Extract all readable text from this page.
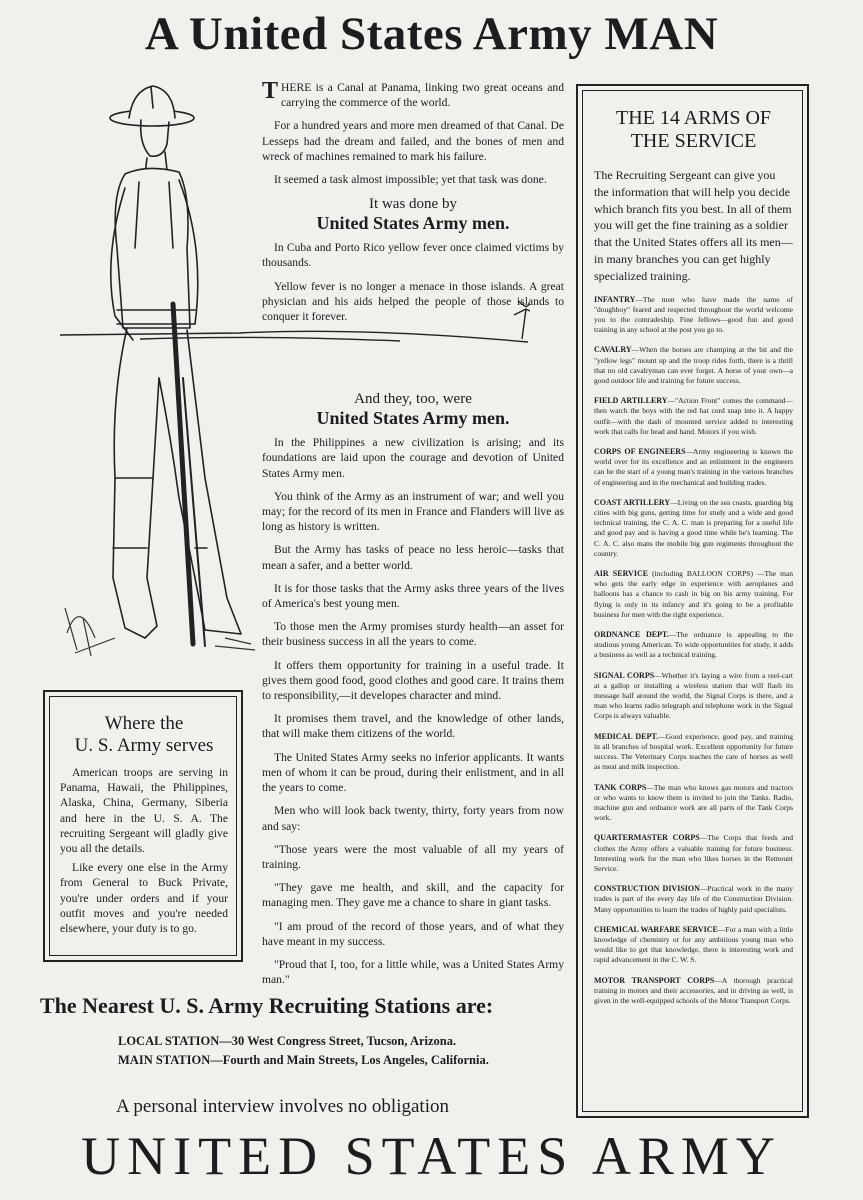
A United States Army MAN

THERE is a Canal at Panama, linking two great oceans and carrying the commerce of the world.

For a hundred years and more men dreamed of that Canal. De Lesseps had the dream and failed, and the bones of men and wreck of machines remained to mark his failure.

It seemed a task almost impossible; yet that task was done.

It was done by
United States Army men.

In Cuba and Porto Rico yellow fever once claimed victims by thousands.

Yellow fever is no longer a menace in those islands. A great physician and his aids helped the people of those islands to conquer it forever.

And they, too, were
United States Army men.

In the Philippines a new civilization is arising; and its foundations are laid upon the courage and devotion of United States Army men.

You think of the Army as an instrument of war; and well you may; for the record of its men in France and Flanders will live as long as history is written.

But the Army has tasks of peace no less heroic—tasks that mean a safer, and a better world.

It is for those tasks that the Army asks three years of the lives of America's best young men.

To those men the Army promises sturdy health—an asset for their business success in all the years to come.

It offers them opportunity for training in a useful trade. It gives them good food, good clothes and good care. It trains them to responsibility,—it developes character and mind.

It promises them travel, and the knowledge of other lands, that will make them citizens of the world.

The United States Army seeks no inferior applicants. It wants men of whom it can be proud, during their enlistment, and in all the years to come.

Men who will look back twenty, thirty, forty years from now and say:

"Those years were the most valuable of all my years of training.

"They gave me health, and skill, and the capacity for managing men. They gave me a chance to share in giant tasks.

"I am proud of the record of those years, and of what they have meant in my success.

"Proud that I, too, for a little while, was a United States Army man."

Where the
U. S. Army serves

American troops are serving in Panama, Hawaii, the Philippines, Alaska, China, Germany, Siberia and here in the U. S. A. The recruiting Sergeant will gladly give you all the details.

Like every one else in the Army from General to Buck Private, you're under orders and if your outfit moves and you're needed elsewhere, your duty is to go.

THE 14 ARMS OF
THE SERVICE

The Recruiting Sergeant can give you the information that will help you decide which branch fits you best. In all of them you will get the fine training as a soldier that the United States offers all its men—in many branches you can get highly specialized training.

INFANTRY—The men who have made the name of "doughboy" feared and respected throughout the world welcome you to the comradeship. Fine fellows—good fun and good training in any school at the post you go to.

CAVALRY—When the horses are champing at the bit and the "yellow legs" mount up and the troop rides forth, there is a thrill that no old cavalryman can ever forget. A horse of your own—a good outdoor life and training for future success.

FIELD ARTILLERY—"Action Front" comes the command—then watch the boys with the red hat cord snap into it. A happy outfit—with the dash of mounted service added to interesting work that calls for head and hand. Motors if you wish.

CORPS OF ENGINEERS—Army engineering is known the world over for its excellence and an enlistment in the engineers can be the start of a young man's training in the various branches of engineering and in the mechanical and building trades.

COAST ARTILLERY—Living on the sea coasts, guarding big cities with big guns, getting time for study and a wide and good technical training, the C. A. C. man is preparing for a useful life and good pay and is having a good time while he's learning. The C. A. C. also mans the mobile big gun regiments throughout the country.

AIR SERVICE (including BALLOON CORPS) —The man who gets the early edge in experience with aeroplanes and balloons has a chance to cash in big on his army training. For flying is only in its infancy and it's going to be a profitable business for men with the right experience.

ORDNANCE DEPT.—The ordnance is appealing to the studious young American. To wide opportunities for study, it adds a business as well as a technical training.

SIGNAL CORPS—Whether it's laying a wire from a reel-cart at a gallop or installing a wireless station that will flash its message half around the world, the Signal Corps is there, and a man who learns radio telegraph and telephone work in the Signal Corps is always valuable.

MEDICAL DEPT.—Good experience, good pay, and training in all branches of hospital work. Excellent opportunity for future success. The Veterinary Corps teaches the care of horses as well as meat and milk inspection.

TANK CORPS—The man who knows gas motors and tractors or who wants to know them is invited to join the Tanks. Radio, machine gun and ordnance work are all parts of the Tank Corps work.

QUARTERMASTER CORPS—The Corps that feeds and clothes the Army offers a valuable training for future business. Interesting work for the man who likes horses in the Remount Service.

CONSTRUCTION DIVISION—Practical work in the many trades is part of the every day life of the Construction Division. Many opportunities to learn the trades of highly paid specialists.

CHEMICAL WARFARE SERVICE—For a man with a little knowledge of chemistry or for any ambitious young man who would like to get that knowledge, there is interesting work and rapid advancement in the C. W. S.

MOTOR TRANSPORT CORPS—A thorough practical training in motors and their accessories, and in driving as well, is given in the well-equipped schools of the Motor Transport Corps.

The Nearest U. S. Army Recruiting Stations are:
LOCAL STATION—30 West Congress Street, Tucson, Arizona.
MAIN STATION—Fourth and Main Streets, Los Angeles, California.
A personal interview involves no obligation
UNITED STATES ARMY
